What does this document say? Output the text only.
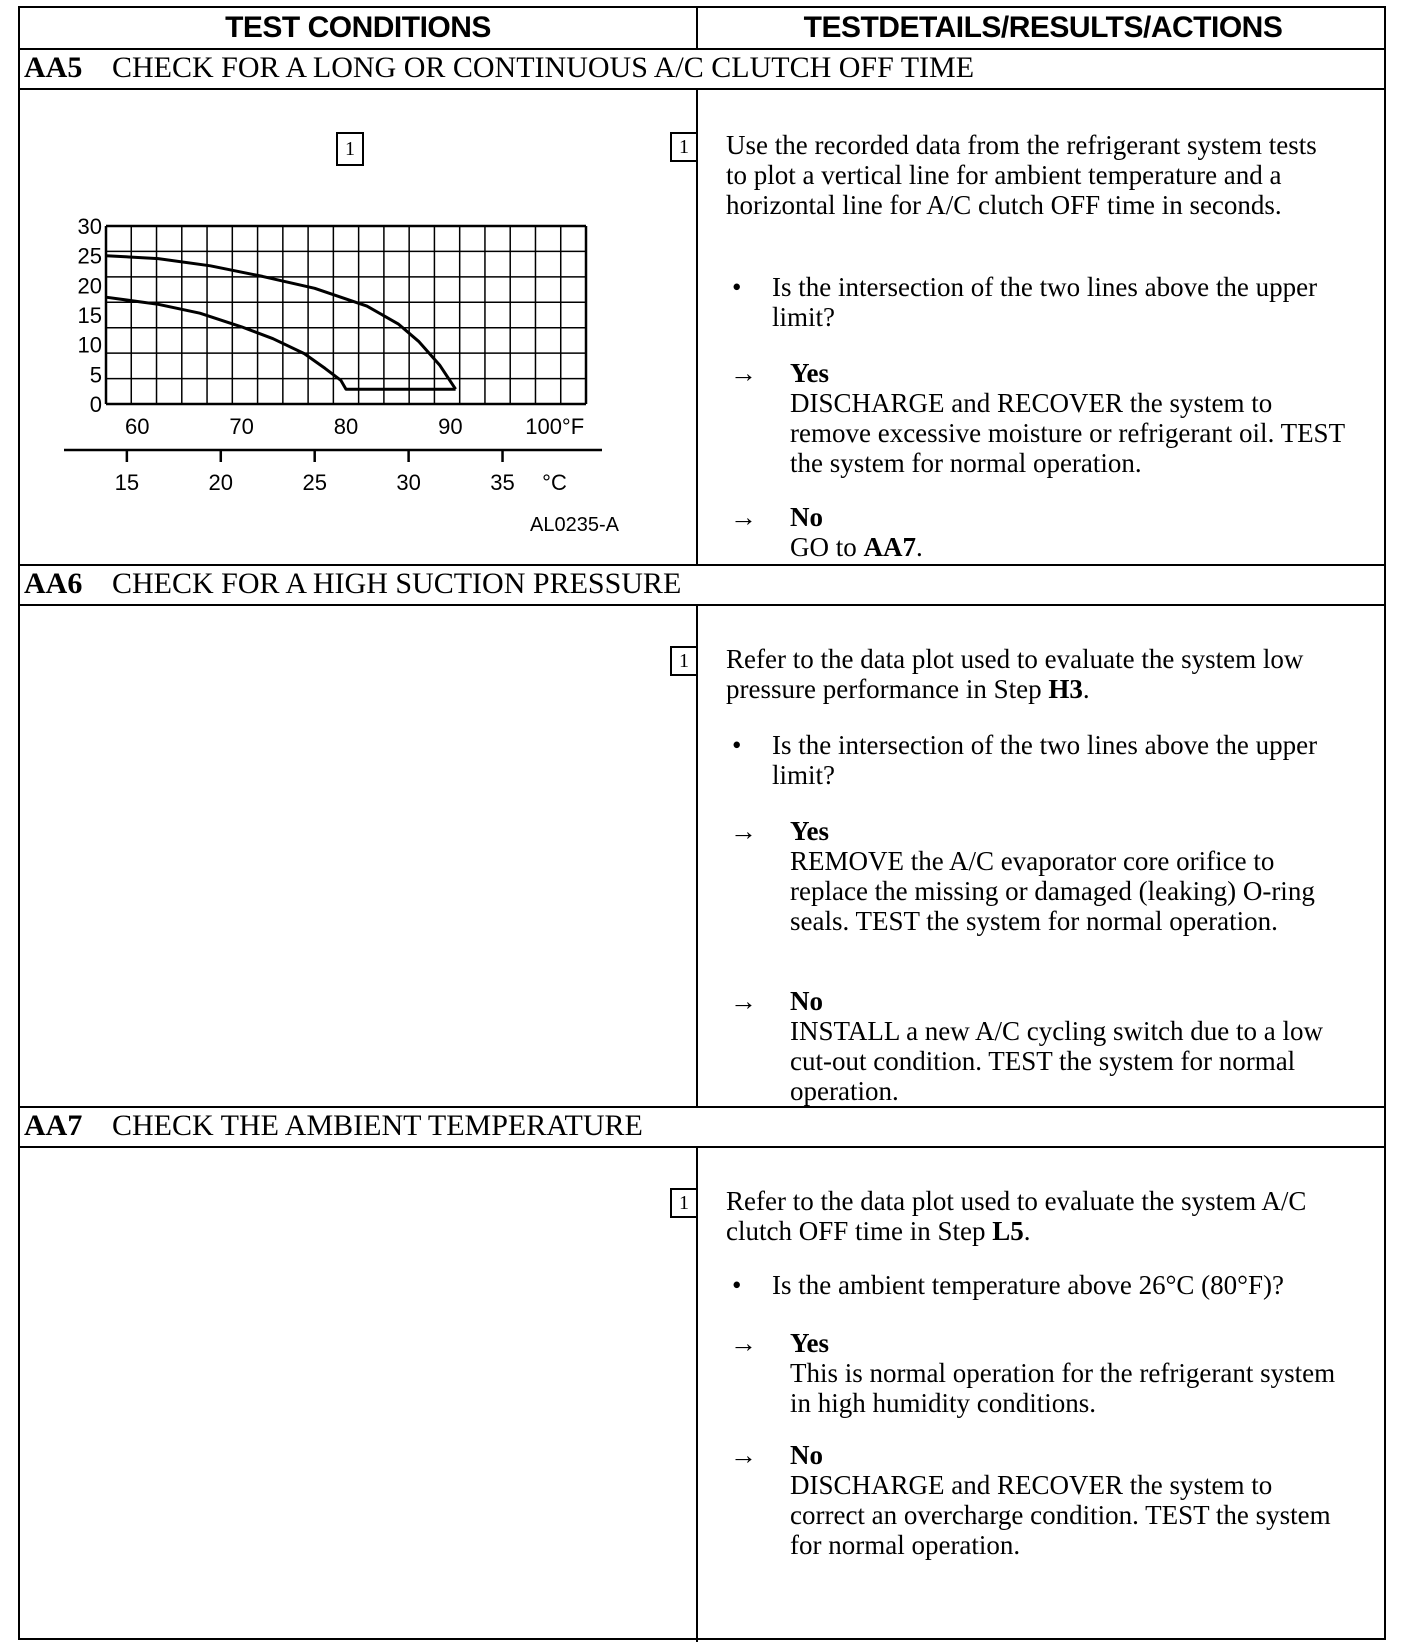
TEST CONDITIONS	TESTDETAILS/RESULTS/ACTIONS
AA5 CHECK FOR A LONG OR CONTINUOUS A/C CLUTCH OFF TIME
1
30
25
20
15
10
5
0
60	70	80	90	100°F
15	20	25	30	35 °C
AL0235-A
1	Use the recorded data from the refrigerant system tests to plot a vertical line for ambient temperature and a horizontal line for A/C clutch OFF time in seconds.
• Is the intersection of the two lines above the upper limit?
→ Yes
DISCHARGE and RECOVER the system to remove excessive moisture or refrigerant oil. TEST the system for normal operation.
→ No
GO to AA7.
AA6 CHECK FOR A HIGH SUCTION PRESSURE
1	Refer to the data plot used to evaluate the system low pressure performance in Step H3.
• Is the intersection of the two lines above the upper limit?
→ Yes
REMOVE the A/C evaporator core orifice to replace the missing or damaged (leaking) O-ring seals. TEST the system for normal operation.
→ No
INSTALL a new A/C cycling switch due to a low cut-out condition. TEST the system for normal operation.
AA7 CHECK THE AMBIENT TEMPERATURE
1	Refer to the data plot used to evaluate the system A/C clutch OFF time in Step L5.
• Is the ambient temperature above 26°C (80°F)?
→ Yes
This is normal operation for the refrigerant system in high humidity conditions.
→ No
DISCHARGE and RECOVER the system to correct an overcharge condition. TEST the system for normal operation.
